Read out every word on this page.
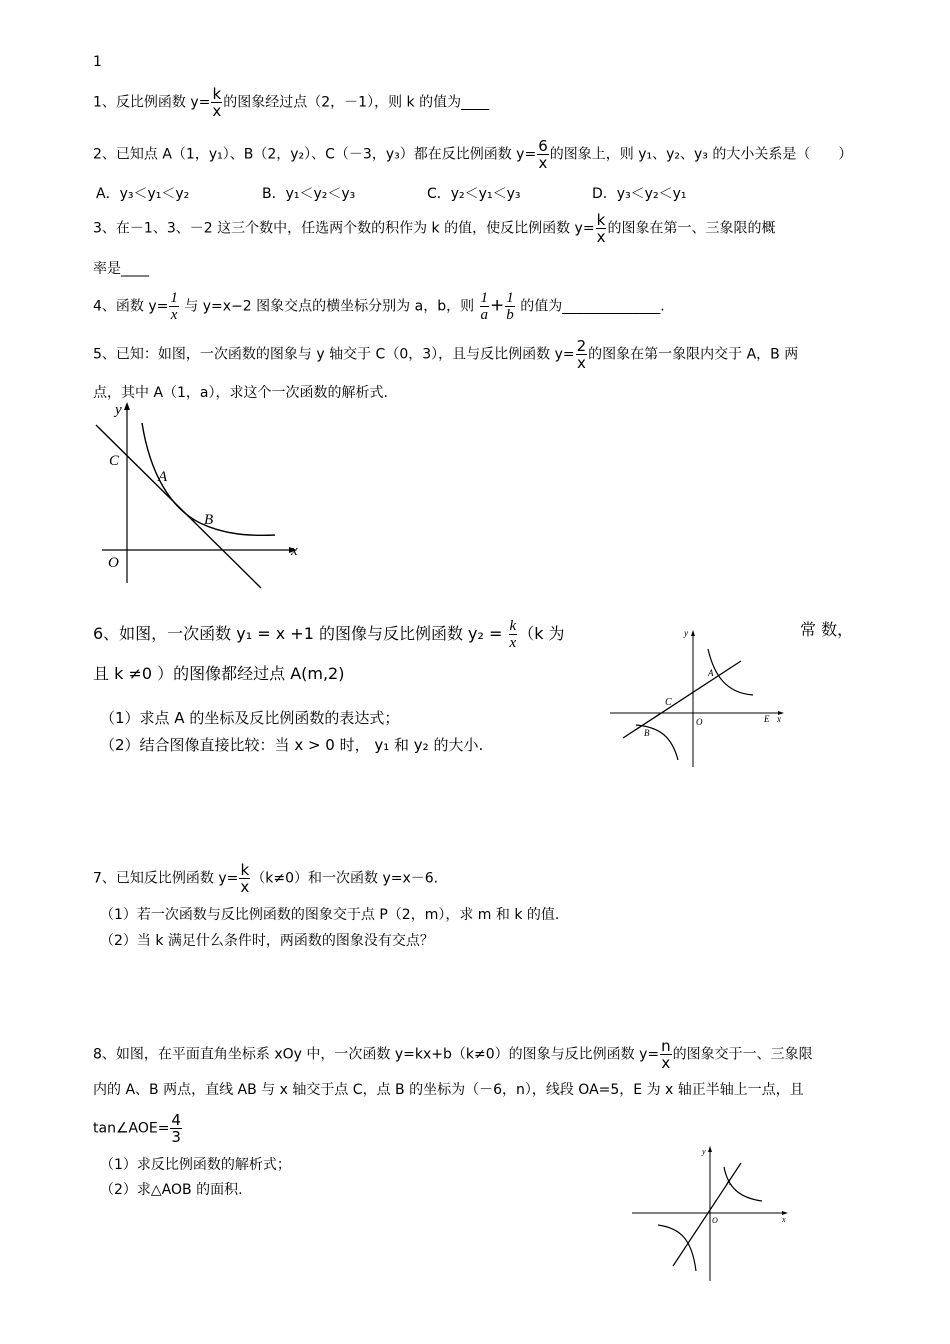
1
1、反比例函数 $y= \frac{k}{x}$ 的图象经过点（2，－1），则 k 的值为____
2、已知点 A（1，y₁）、B（2，y₂）、C（－3，y₃）都在反比例函数 $y= \frac{6}{x}$ 的图象上，则 y₁、y₂、y₃ 的大小关系是（　　）
A．y₃＜y₁＜y₂	B．y₁＜y₂＜y₃	C．y₂＜y₁＜y₃	D．y₃＜y₂＜y₁
3、在－1、3、－2 这三个数中，任选两个数的积作为 k 的值，使反比例函数 $y= \frac{k}{x}$ 的图象在第一、三象限的概
率是____
4、函数 $y= \frac{1}{x}$ 与 y=x−2 图象交点的横坐标分别为 a，b，则 $\frac{1}{a} + \frac{1}{b}$ 的值为______________.
5、已知：如图，一次函数的图象与 y 轴交于 C（0，3），且与反比例函数 $y= \frac{2}{x}$ 的图象在第一象限内交于 A，B 两
点，其中 A（1，a），求这个一次函数的解析式.
y
x
C
A
B
O
6、如图，一次函数 y₁ = x +1 的图像与反比例函数 $y_2 = \frac{k}{x} (k$ 为	常 数，
且 k ≠0 ）的图像都经过点 A(m,2)
（1）求点 A 的坐标及反比例函数的表达式；
（2）结合图像直接比较：当 x > 0 时， y₁ 和 y₂ 的大小.
y
A
C
O	E x
B
7、已知反比例函数 $y= \frac{k}{x} (k\ne 0)$和一次函数 y=x－6.
（1）若一次函数与反比例函数的图象交于点 P（2，m），求 m 和 k 的值.
（2）当 k 满足什么条件时，两函数的图象没有交点？
8、如图，在平面直角坐标系 xOy 中，一次函数 y=kx+b（k≠0）的图象与反比例函数 $y= \frac{n}{x}$ 的图象交于一、三象限
内的 A、B 两点，直线 AB 与 x 轴交于点 C，点 B 的坐标为（－6，n），线段 OA=5，E 为 x 轴正半轴上一点，且
tan∠AOE= $\frac{4}{3}$
（1）求反比例函数的解析式；
（2）求△AOB 的面积.
y
A
O	x
